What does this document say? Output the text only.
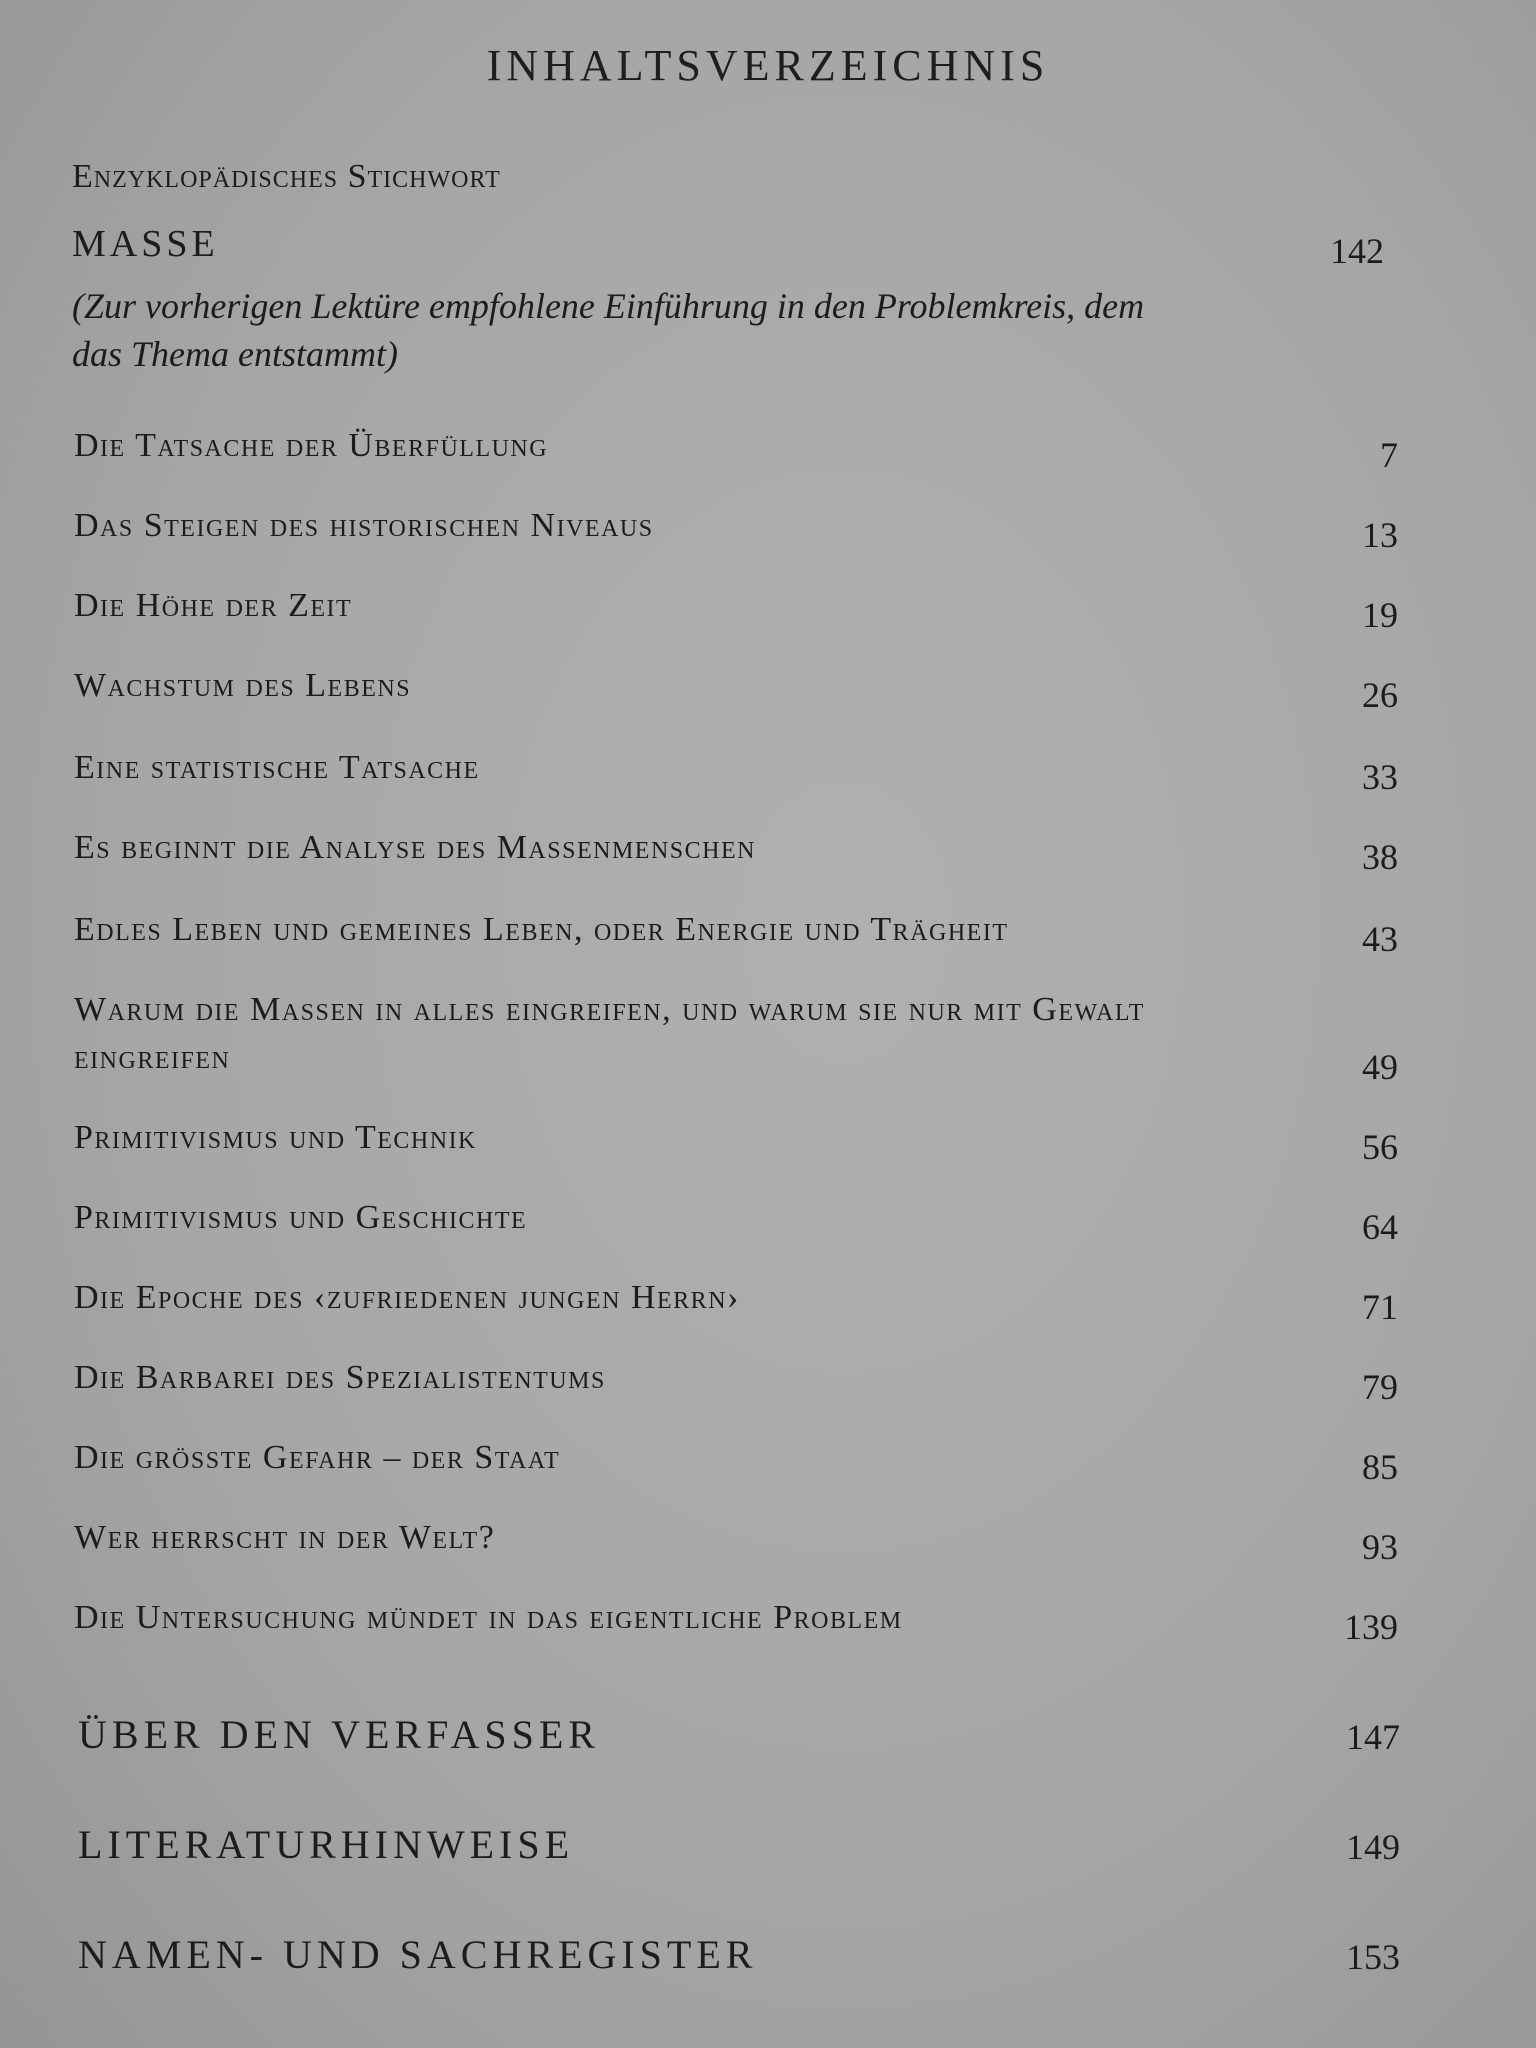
INHALTSVERZEICHNIS
Enzyklopädisches Stichwort
MASSE	142
(Zur vorherigen Lektüre empfohlene Einführung in den Problemkreis, dem das Thema entstammt)
Die Tatsache der Überfüllung	7
Das Steigen des historischen Niveaus	13
Die Höhe der Zeit	19
Wachstum des Lebens	26
Eine statistische Tatsache	33
Es beginnt die Analyse des Massenmenschen	38
Edles Leben und gemeines Leben, oder Energie und Trägheit	43
Warum die Massen in alles eingreifen, und warum sie nur mit Gewalt eingreifen	49
Primitivismus und Technik	56
Primitivismus und Geschichte	64
Die Epoche des ‹zufriedenen jungen Herrn›	71
Die Barbarei des Spezialistentums	79
Die grösste Gefahr – der Staat	85
Wer herrscht in der Welt?	93
Die Untersuchung mündet in das eigentliche Problem	139
ÜBER DEN VERFASSER	147
LITERATURHINWEISE	149
NAMEN- UND SACHREGISTER	153
